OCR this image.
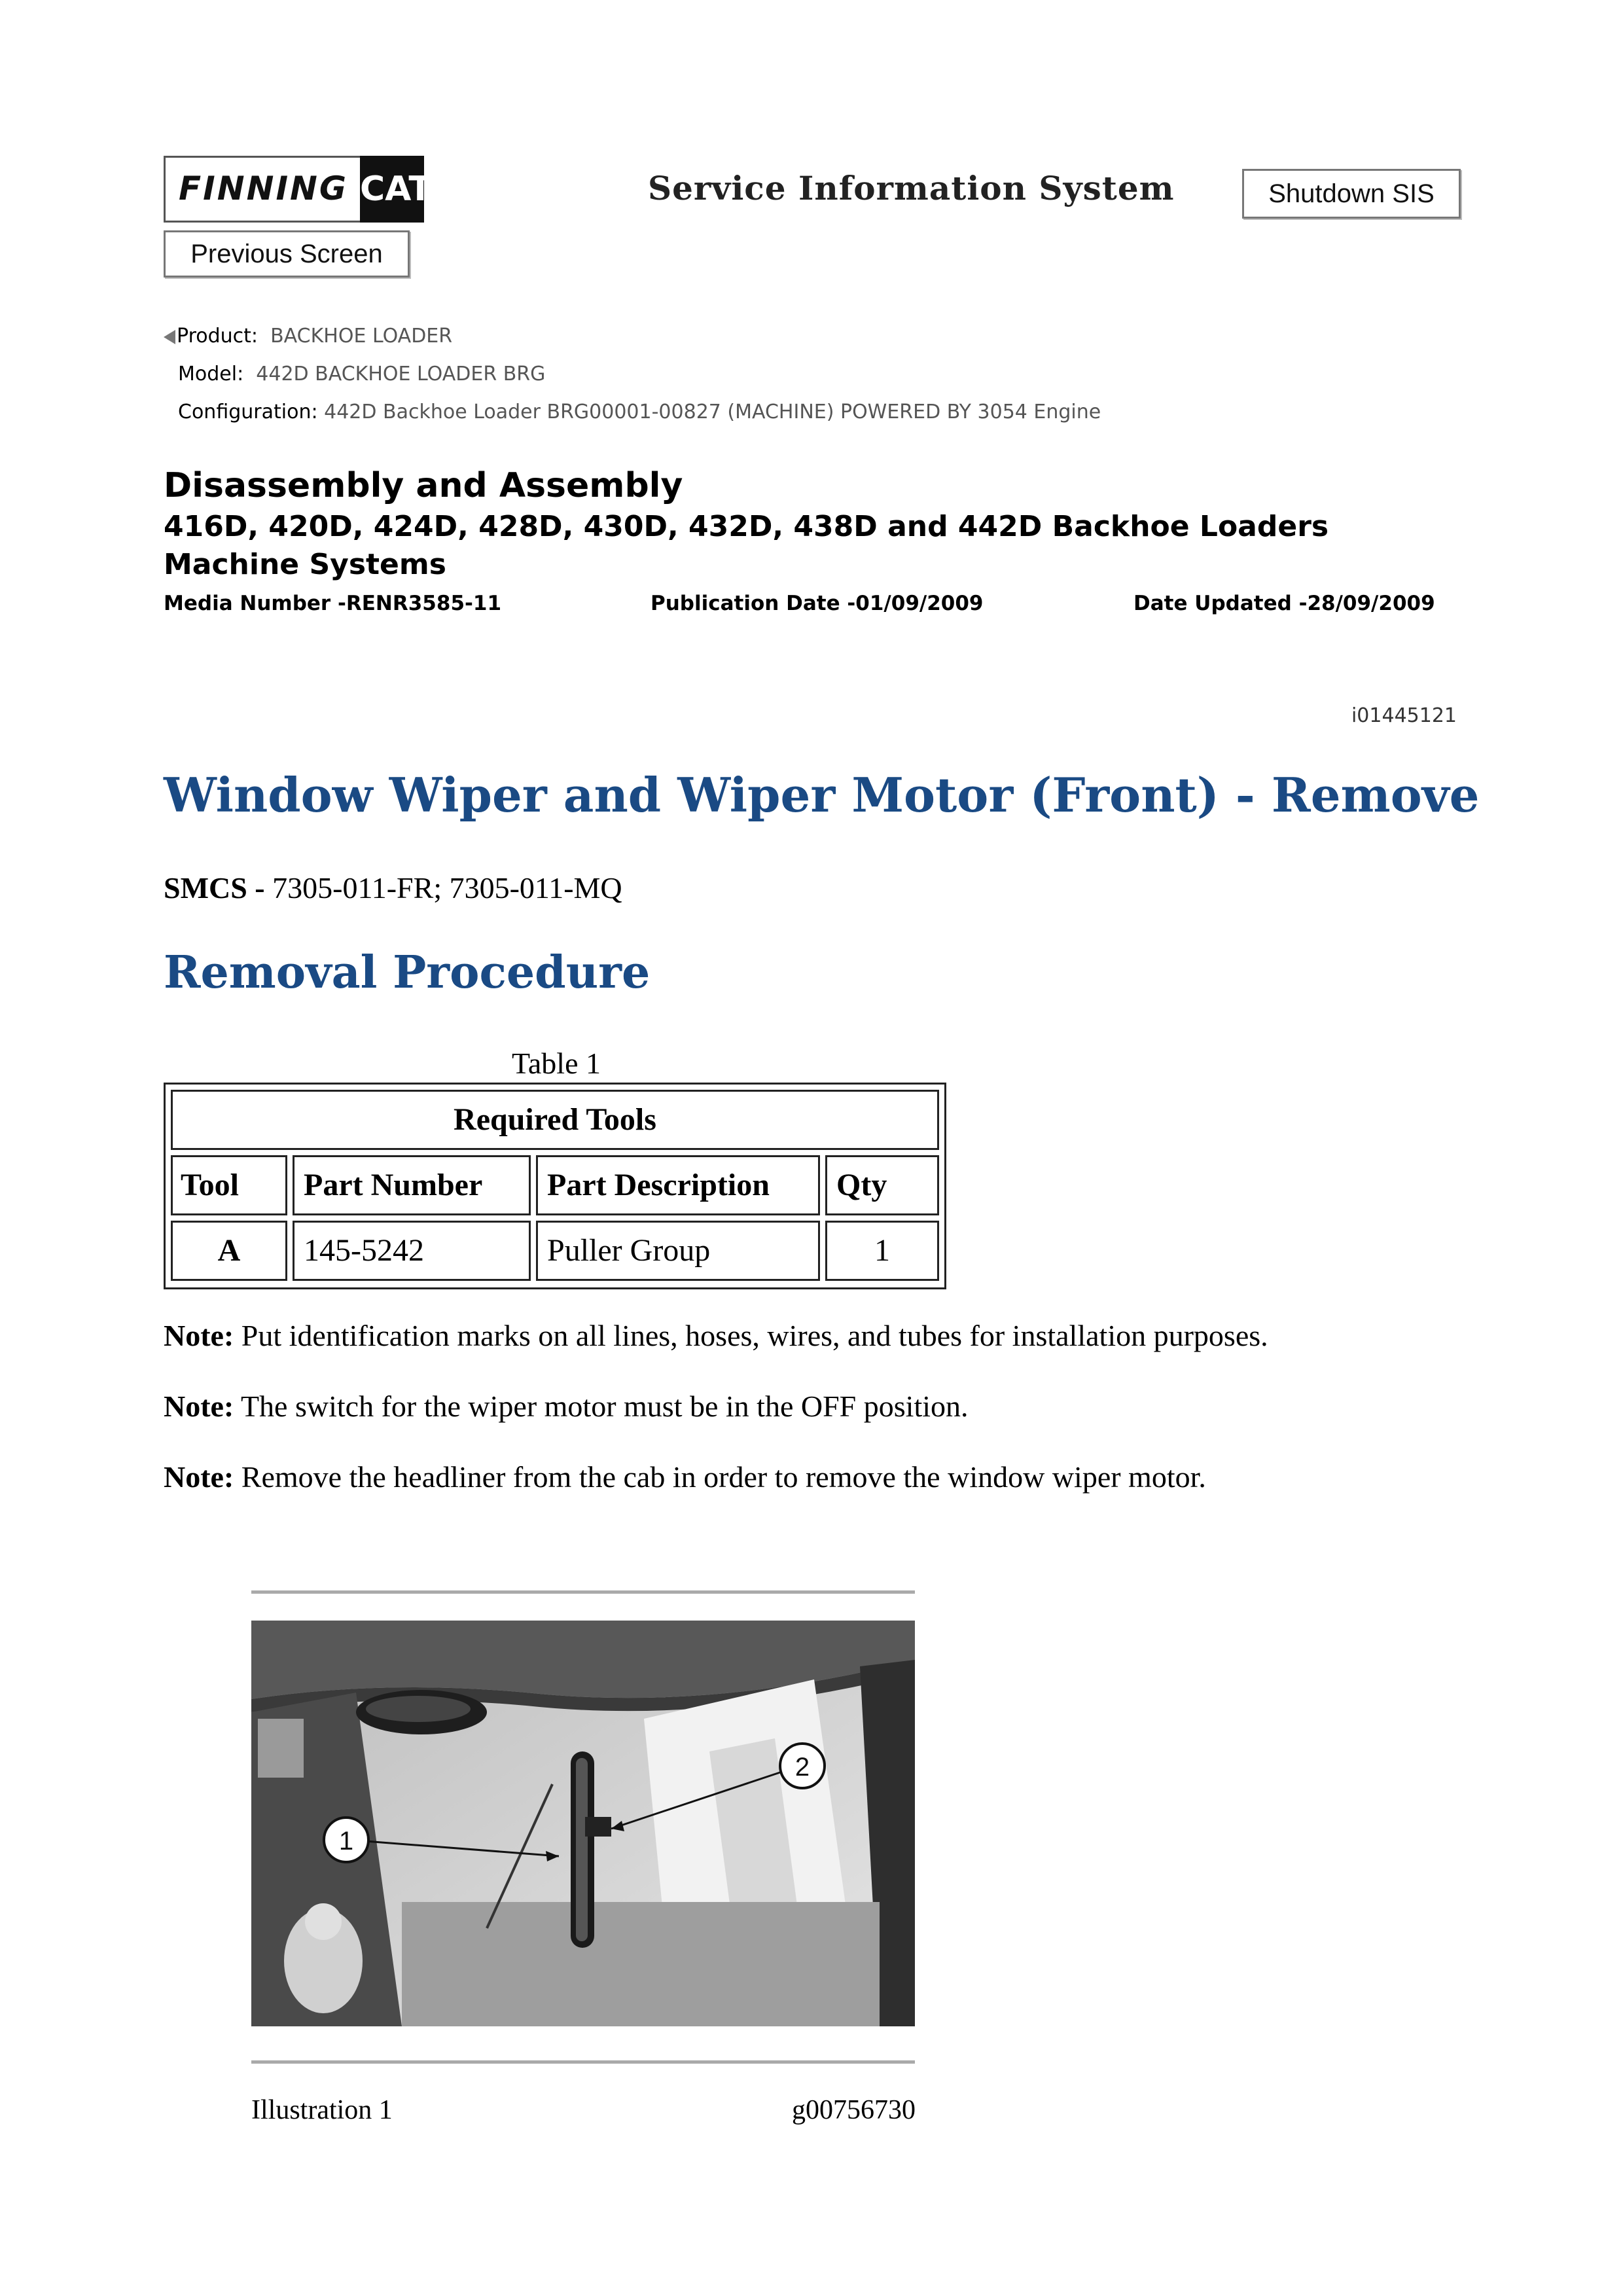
FINNING CAT	Service Information System	Shutdown SIS
Previous Screen
Product: BACKHOE LOADER
Model: 442D BACKHOE LOADER BRG
Configuration: 442D Backhoe Loader BRG00001-00827 (MACHINE) POWERED BY 3054 Engine
Disassembly and Assembly
416D, 420D, 424D, 428D, 430D, 432D, 438D and 442D Backhoe Loaders Machine Systems
Media Number -RENR3585-11	Publication Date -01/09/2009	Date Updated -28/09/2009
i01445121
Window Wiper and Wiper Motor (Front) - Remove
SMCS - 7305-011-FR; 7305-011-MQ
Removal Procedure
Table 1
Required Tools
Tool	Part Number	Part Description	Qty
A	145-5242	Puller Group	1
Note: Put identification marks on all lines, hoses, wires, and tubes for installation purposes.
Note: The switch for the wiper motor must be in the OFF position.
Note: Remove the headliner from the cab in order to remove the window wiper motor.
1
2
Illustration 1	g00756730
